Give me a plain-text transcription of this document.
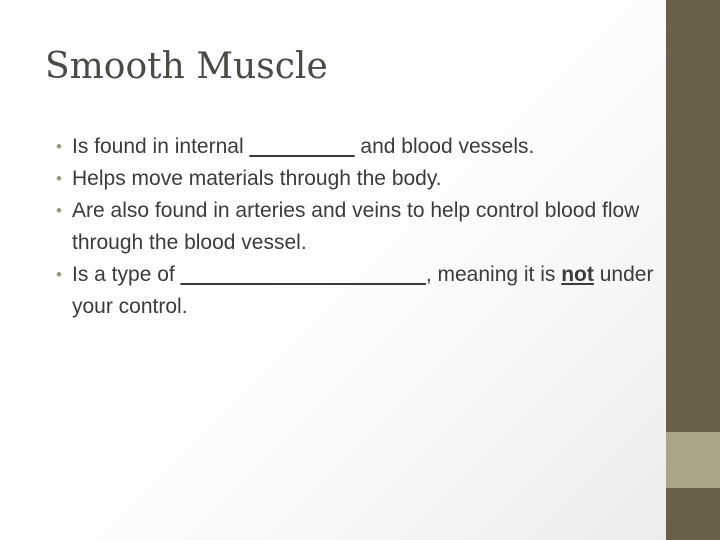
Smooth Muscle
• Is found in internal _________ and blood vessels.
• Helps move materials through the body.
• Are also found in arteries and veins to help control blood flow through the blood vessel.
• Is a type of _____________________, meaning it is not under your control.
